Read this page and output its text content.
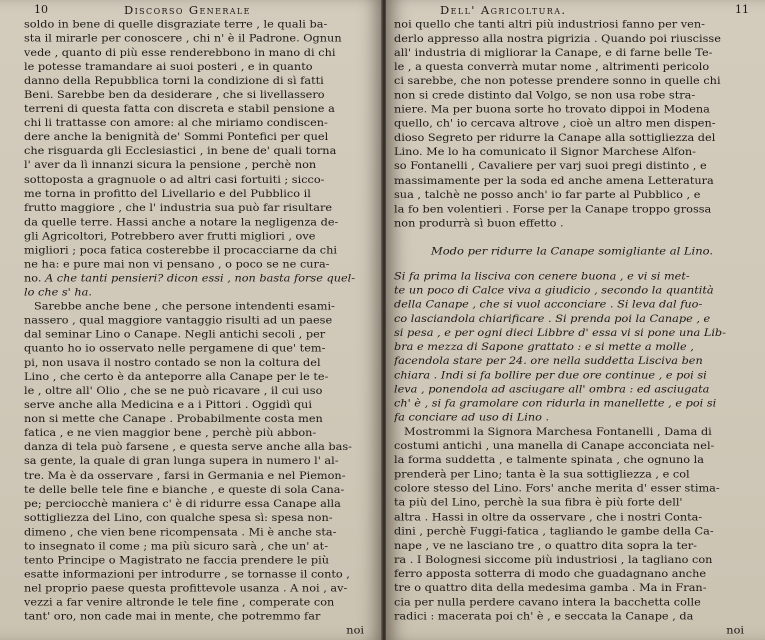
10	Discorso Generale
soldo in bene di quelle disgraziate terre , le quali ba-
sta il mirarle per conoscere , chi n' è il Padrone. Ognun
vede , quanto di più esse renderebbono in mano di chi
le potesse tramandare ai suoi posteri , e in quanto
danno della Repubblica torni la condizione di sì fatti
Beni. Sarebbe ben da desiderare , che si livellassero
terreni di questa fatta con discreta e stabil pensione a
chi li trattasse con amore: al che miriamo condiscen-
dere anche la benignità de' Sommi Pontefici per quel
che risguarda gli Ecclesiastici , in bene de' quali torna
l' aver da lì innanzi sicura la pensione , perchè non
sottoposta a gragnuole o ad altri casi fortuiti ; sicco-
me torna in profitto del Livellario e del Pubblico il
frutto maggiore , che l' industria sua può far risultare
da quelle terre. Hassi anche a notare la negligenza de-
gli Agricoltori, Potrebbero aver frutti migliori , ove
migliori ; poca fatica costerebbe il procacciarne da chi
ne ha: e pure mai non vi pensano , o poco se ne cura-
no. A che tanti pensieri? dicon essi , non basta forse quel-
lo che s' ha.
Sarebbe anche bene , che persone intendenti esami-
nassero , qual maggiore vantaggio risulti ad un paese
dal seminar Lino o Canape. Negli antichi secoli , per
quanto ho io osservato nelle pergamene di que' tem-
pi, non usava il nostro contado se non la coltura del
Lino , che certo è da anteporre alla Canape per le te-
le , oltre all' Olio , che se ne può ricavare , il cui uso
serve anche alla Medicina e a i Pittori . Oggidì qui
non si mette che Canape . Probabilmente costa men
fatica , e ne vien maggior bene , perchè più abbon-
danza di tela può farsene , e questa serve anche alla bas-
sa gente, la quale di gran lunga supera in numero l' al-
tre. Ma è da osservare , farsi in Germania e nel Piemon-
te delle belle tele fine e bianche , e queste di sola Cana-
pe; perciocchè maniera c' è di ridurre essa Canape alla
sottigliezza del Lino, con qualche spesa sì: spesa non-
dimeno , che vien bene ricompensata . Mi è anche sta-
to insegnato il come ; ma più sicuro sarà , che un' at-
tento Principe o Magistrato ne faccia prendere le più
esatte informazioni per introdurre , se tornasse il conto ,
nel proprio paese questa profittevole usanza . A noi , av-
vezzi a far venire altronde le tele fine , comperate con
tant' oro, non cade mai in mente, che potremmo far
noi
Dell' Agricoltura.	11
noi quello che tanti altri più industriosi fanno per ven-
derlo appresso alla nostra pigrizia . Quando poi riuscisse
all' industria di migliorar la Canape, e di farne belle Te-
le , a questa converrà mutar nome , altrimenti pericolo
ci sarebbe, che non potesse prendere sonno in quelle chi
non si crede distinto dal Volgo, se non usa robe stra-
niere. Ma per buona sorte ho trovato dippoi in Modena
quello, ch' io cercava altrove , cioè un altro men dispen-
dioso Segreto per ridurre la Canape alla sottigliezza del
Lino. Me lo ha comunicato il Signor Marchese Alfon-
so Fontanelli , Cavaliere per varj suoi pregi distinto , e
massimamente per la soda ed anche amena Letteratura
sua , talchè ne posso anch' io far parte al Pubblico , e
la fo ben volentieri . Forse per la Canape troppo grossa
non produrrà sì buon effetto .
Modo per ridurre la Canape somigliante al Lino.
Si fa prima la lisciva con cenere buona , e vi si met-
te un poco di Calce viva a giudicio , secondo la quantità
della Canape , che si vuol acconciare . Si leva dal fuo-
co lasciandola chiarificare . Si prenda poi la Canape , e
si pesa , e per ogni dieci Libbre d' essa vi si pone una Lib-
bra e mezza di Sapone grattato : e si mette a molle ,
facendola stare per 24. ore nella suddetta Lisciva ben
chiara . Indi si fa bollire per due ore continue , e poi si
leva , ponendola ad asciugare all' ombra : ed asciugata
ch' è , si fa gramolare con ridurla in manellette , e poi si
fa conciare ad uso di Lino .
Mostrommi la Signora Marchesa Fontanelli , Dama di
costumi antichi , una manella di Canape acconciata nel-
la forma suddetta , e talmente spinata , che ognuno la
prenderà per Lino; tanta è la sua sottigliezza , e col
colore stesso del Lino. Fors' anche merita d' esser stima-
ta più del Lino, perchè la sua fibra è più forte dell'
altra . Hassi in oltre da osservare , che i nostri Conta-
dini , perchè Fuggi-fatica , tagliando le gambe della Ca-
nape , ve ne lasciano tre , o quattro dita sopra la ter-
ra . I Bolognesi siccome più industriosi , la tagliano con
ferro apposta sotterra di modo che guadagnano anche
tre o quattro dita della medesima gamba . Ma in Fran-
cia per nulla perdere cavano intera la bacchetta colle
radici : macerata poi ch' è , e seccata la Canape , da
noi
